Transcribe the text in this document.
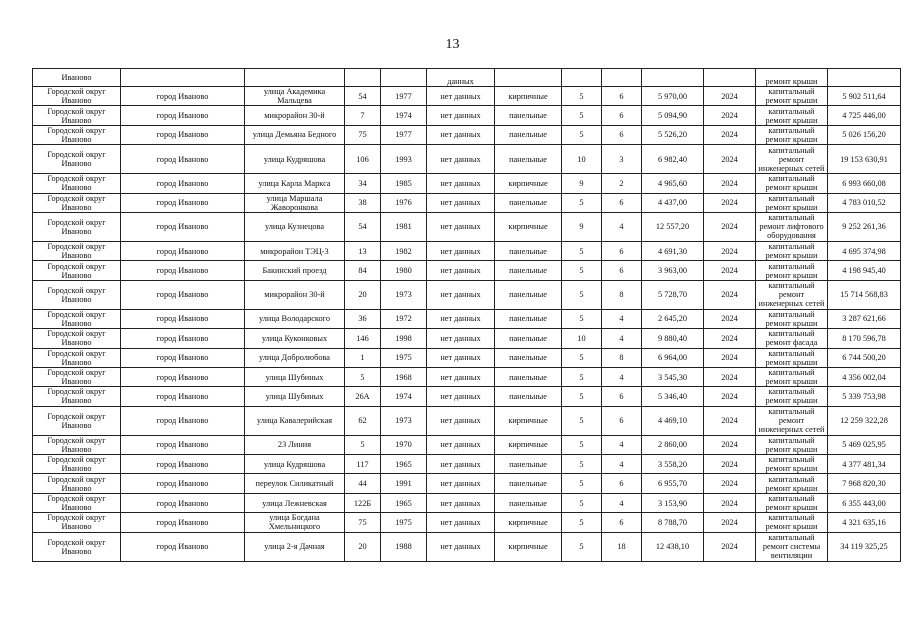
13
Иваново					данных						ремонт крыши	
Городской округ Иваново	город Иваново	улица Академика Мальцева	54	1977	нет данных	кирпичные	5	6	5 970,00	2024	капитальный ремонт крыши	5 902 511,64
Городской округ Иваново	город Иваново	микрорайон 30-й	7	1974	нет данных	панельные	5	6	5 094,90	2024	капитальный ремонт крыши	4 725 446,00
Городской округ Иваново	город Иваново	улица Демьяна Бедного	75	1977	нет данных	панельные	5	6	5 526,20	2024	капитальный ремонт крыши	5 026 156,20
Городской округ Иваново	город Иваново	улица Кудряшова	106	1993	нет данных	панельные	10	3	6 982,40	2024	капитальный ремонт инженерных сетей	19 153 630,91
Городской округ Иваново	город Иваново	улица Карла Маркса	34	1985	нет данных	кирпичные	9	2	4 965,60	2024	капитальный ремонт крыши	6 993 660,08
Городской округ Иваново	город Иваново	улица Маршала Жаворонкова	38	1976	нет данных	панельные	5	6	4 437,00	2024	капитальный ремонт крыши	4 783 010,52
Городской округ Иваново	город Иваново	улица Кузнецова	54	1981	нет данных	кирпичные	9	4	12 557,20	2024	капитальный ремонт лифтового оборудования	9 252 261,36
Городской округ Иваново	город Иваново	микрорайон ТЭЦ-3	13	1982	нет данных	панельные	5	6	4 691,30	2024	капитальный ремонт крыши	4 695 374,98
Городской округ Иваново	город Иваново	Бакинский проезд	84	1980	нет данных	панельные	5	6	3 963,00	2024	капитальный ремонт крыши	4 198 945,40
Городской округ Иваново	город Иваново	микрорайон 30-й	20	1973	нет данных	панельные	5	8	5 728,70	2024	капитальный ремонт инженерных сетей	15 714 568,83
Городской округ Иваново	город Иваново	улица Володарского	36	1972	нет данных	панельные	5	4	2 645,20	2024	капитальный ремонт крыши	3 287 621,66
Городской округ Иваново	город Иваново	улица Куконковых	146	1998	нет данных	панельные	10	4	9 880,40	2024	капитальный ремонт фасада	8 170 596,78
Городской округ Иваново	город Иваново	улица Добролюбова	1	1975	нет данных	панельные	5	8	6 964,00	2024	капитальный ремонт крыши	6 744 500,20
Городской округ Иваново	город Иваново	улица Шубиных	5	1968	нет данных	панельные	5	4	3 545,30	2024	капитальный ремонт крыши	4 356 002,04
Городской округ Иваново	город Иваново	улица Шубиных	26А	1974	нет данных	панельные	5	6	5 346,40	2024	капитальный ремонт крыши	5 339 753,98
Городской округ Иваново	город Иваново	улица Кавалерийская	62	1973	нет данных	кирпичные	5	6	4 469,10	2024	капитальный ремонт инженерных сетей	12 259 322,28
Городской округ Иваново	город Иваново	23 Линия	5	1970	нет данных	кирпичные	5	4	2 860,00	2024	капитальный ремонт крыши	5 469 025,95
Городской округ Иваново	город Иваново	улица Кудряшова	117	1965	нет данных	панельные	5	4	3 558,20	2024	капитальный ремонт крыши	4 377 481,34
Городской округ Иваново	город Иваново	переулок Силикатный	44	1991	нет данных	панельные	5	6	6 955,70	2024	капитальный ремонт крыши	7 968 820,30
Городской округ Иваново	город Иваново	улица Лежневская	122Б	1965	нет данных	панельные	5	4	3 153,90	2024	капитальный ремонт крыши	6 355 443,00
Городской округ Иваново	город Иваново	улица Богдана Хмельницкого	75	1975	нет данных	кирпичные	5	6	8 788,70	2024	капитальный ремонт крыши	4 321 635,16
Городской округ Иваново	город Иваново	улица 2-я Дачная	20	1988	нет данных	кирпичные	5	18	12 438,10	2024	капитальный ремонт системы вентиляции	34 119 325,25
